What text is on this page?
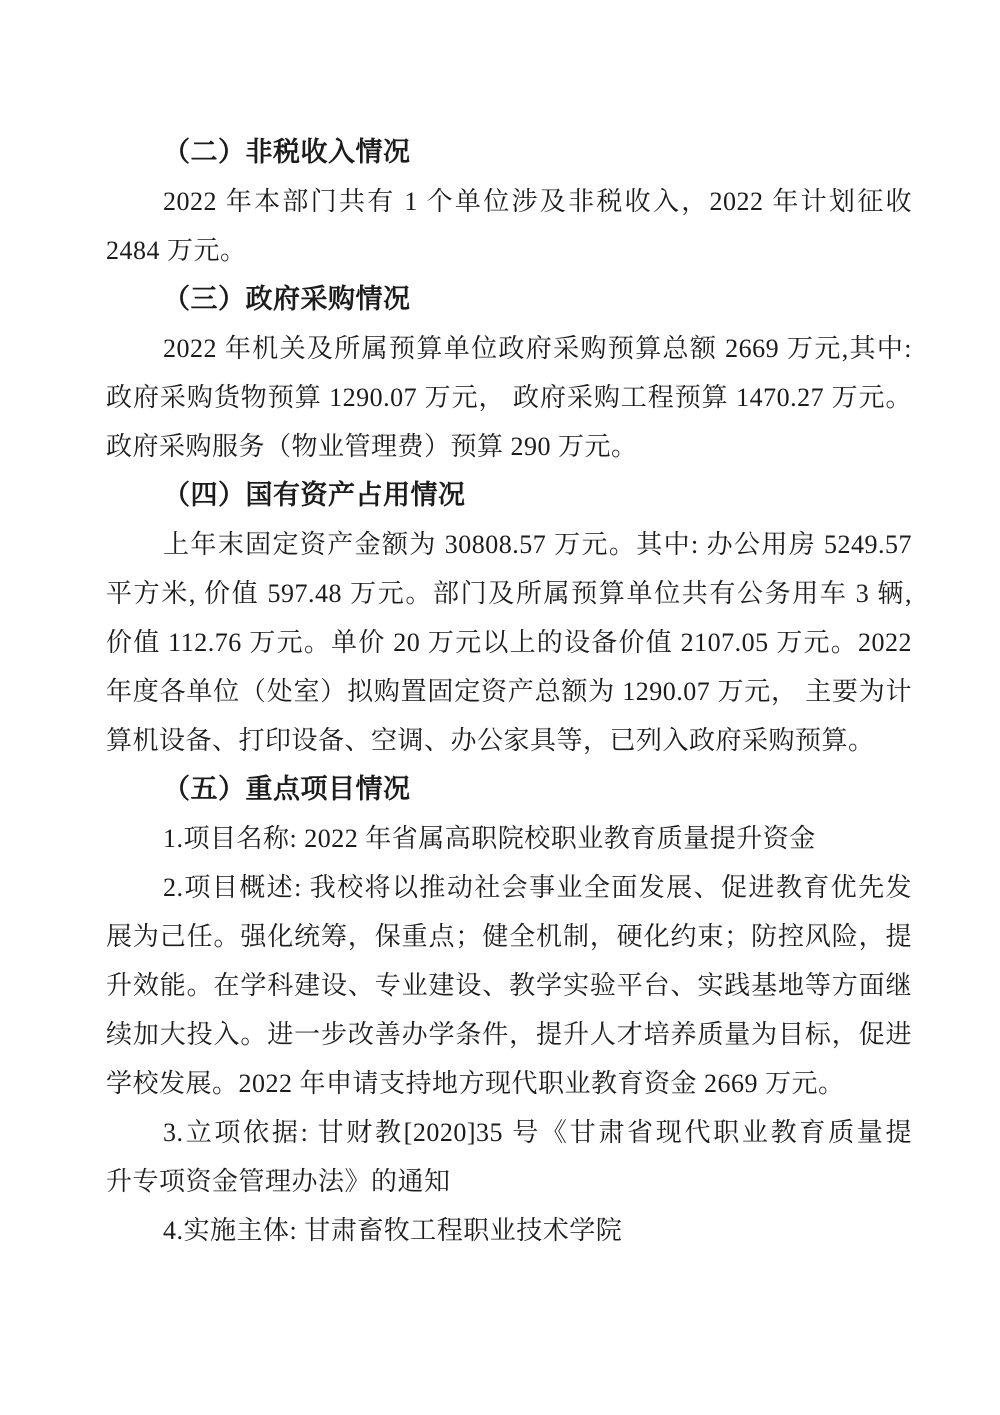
（二）非税收入情况
2022 年本部门共有 1 个单位涉及非税收入，2022 年计划征收
2484 万元。
（三）政府采购情况
2022 年机关及所属预算单位政府采购预算总额 2669 万元,其中:
政府采购货物预算 1290.07 万元， 政府采购工程预算 1470.27 万元。
政府采购服务（物业管理费）预算 290 万元。
（四）国有资产占用情况
上年末固定资产金额为 30808.57 万元。其中: 办公用房 5249.57
平方米, 价值 597.48 万元。部门及所属预算单位共有公务用车 3 辆,
价值 112.76 万元。单价 20 万元以上的设备价值 2107.05 万元。2022
年度各单位（处室）拟购置固定资产总额为 1290.07 万元， 主要为计
算机设备、打印设备、空调、办公家具等，已列入政府采购预算。
（五）重点项目情况
1.项目名称: 2022 年省属高职院校职业教育质量提升资金
2.项目概述: 我校将以推动社会事业全面发展、促进教育优先发
展为己任。强化统筹，保重点；健全机制，硬化约束；防控风险，提
升效能。在学科建设、专业建设、教学实验平台、实践基地等方面继
续加大投入。进一步改善办学条件，提升人才培养质量为目标，促进
学校发展。2022 年申请支持地方现代职业教育资金 2669 万元。
3.立项依据: 甘财教[2020]35 号《甘肃省现代职业教育质量提
升专项资金管理办法》的通知
4.实施主体: 甘肃畜牧工程职业技术学院
